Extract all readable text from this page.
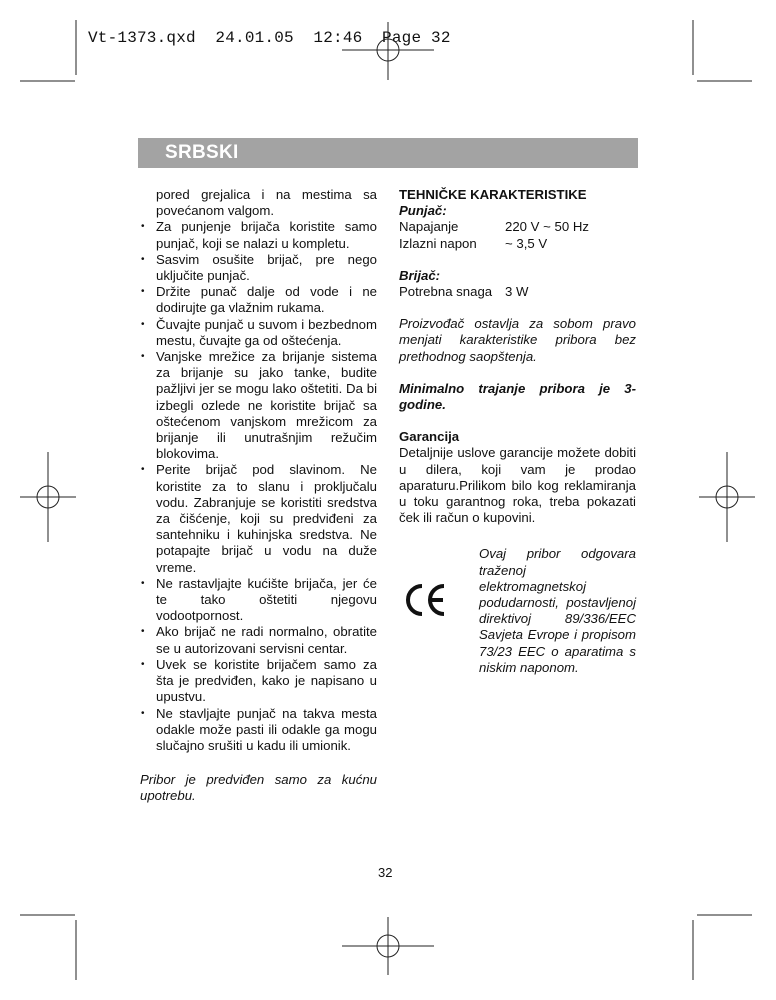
Vt-1373.qxd  24.01.05  12:46  Page 32
SRBSKI
pored grejalica i na mestima sa povećanom valgom.
• Za punjenje brijača koristite samo punjač, koji se nalazi u kompletu.
• Sasvim osušite brijač, pre nego uključite punjač.
• Držite punač dalje od vode i ne dodirujte ga vlažnim rukama.
• Čuvajte punjač u suvom i bezbednom mestu, čuvajte ga od oštećenja.
• Vanjske mrežice za brijanje sistema za brijanje su jako tanke, budite pažljivi jer se mogu lako oštetiti. Da bi izbegli ozlede ne koristite brijač sa oštećenom vanjskom mrežicom za brijanje ili unutrašnjim režučim blokovima.
• Perite brijač pod slavinom. Ne koristite za to slanu i proključalu vodu. Zabranjuje se koristiti sredstva za čišćenje, koji su predviđeni za santehniku i kuhinjska sredstva. Ne potapajte brijač u vodu na duže vreme.
• Ne rastavljajte kućište brijača, jer će te tako oštetiti njegovu vodootpornost.
• Ako brijač ne radi normalno, obratite se u autorizovani servisni centar.
• Uvek se koristite brijačem samo za šta je predviđen, kako je napisano u upustvu.
• Ne stavljajte punjač na takva mesta odakle može pasti ili odakle ga mogu slučajno srušiti u kadu ili umionik.
Pribor je predviđen samo za kućnu upotrebu.
TEHNIČKE KARAKTERISTIKE
Punjač:
Napajanje	220 V ~ 50 Hz
Izlazni napon	~ 3,5 V
Brijač:
Potrebna snaga	3 W
Proizvođač ostavlja za sobom pravo menjati karakteristike pribora bez prethodnog saopštenja.
Minimalno trajanje pribora je 3-godine.
Garancija
Detaljnije uslove garancije možete dobiti u dilera, koji vam je prodao aparaturu.Prilikom bilo kog reklamiranja u toku garantnog roka, treba pokazati ček ili račun o kupovini.
Ovaj pribor odgovara traženoj elektromagnetskoj podudarnosti, postavljenoj direktivoj 89/336/EEC Savjeta Evrope i propisom 73/23 EEC o aparatima s niskim naponom.
32
